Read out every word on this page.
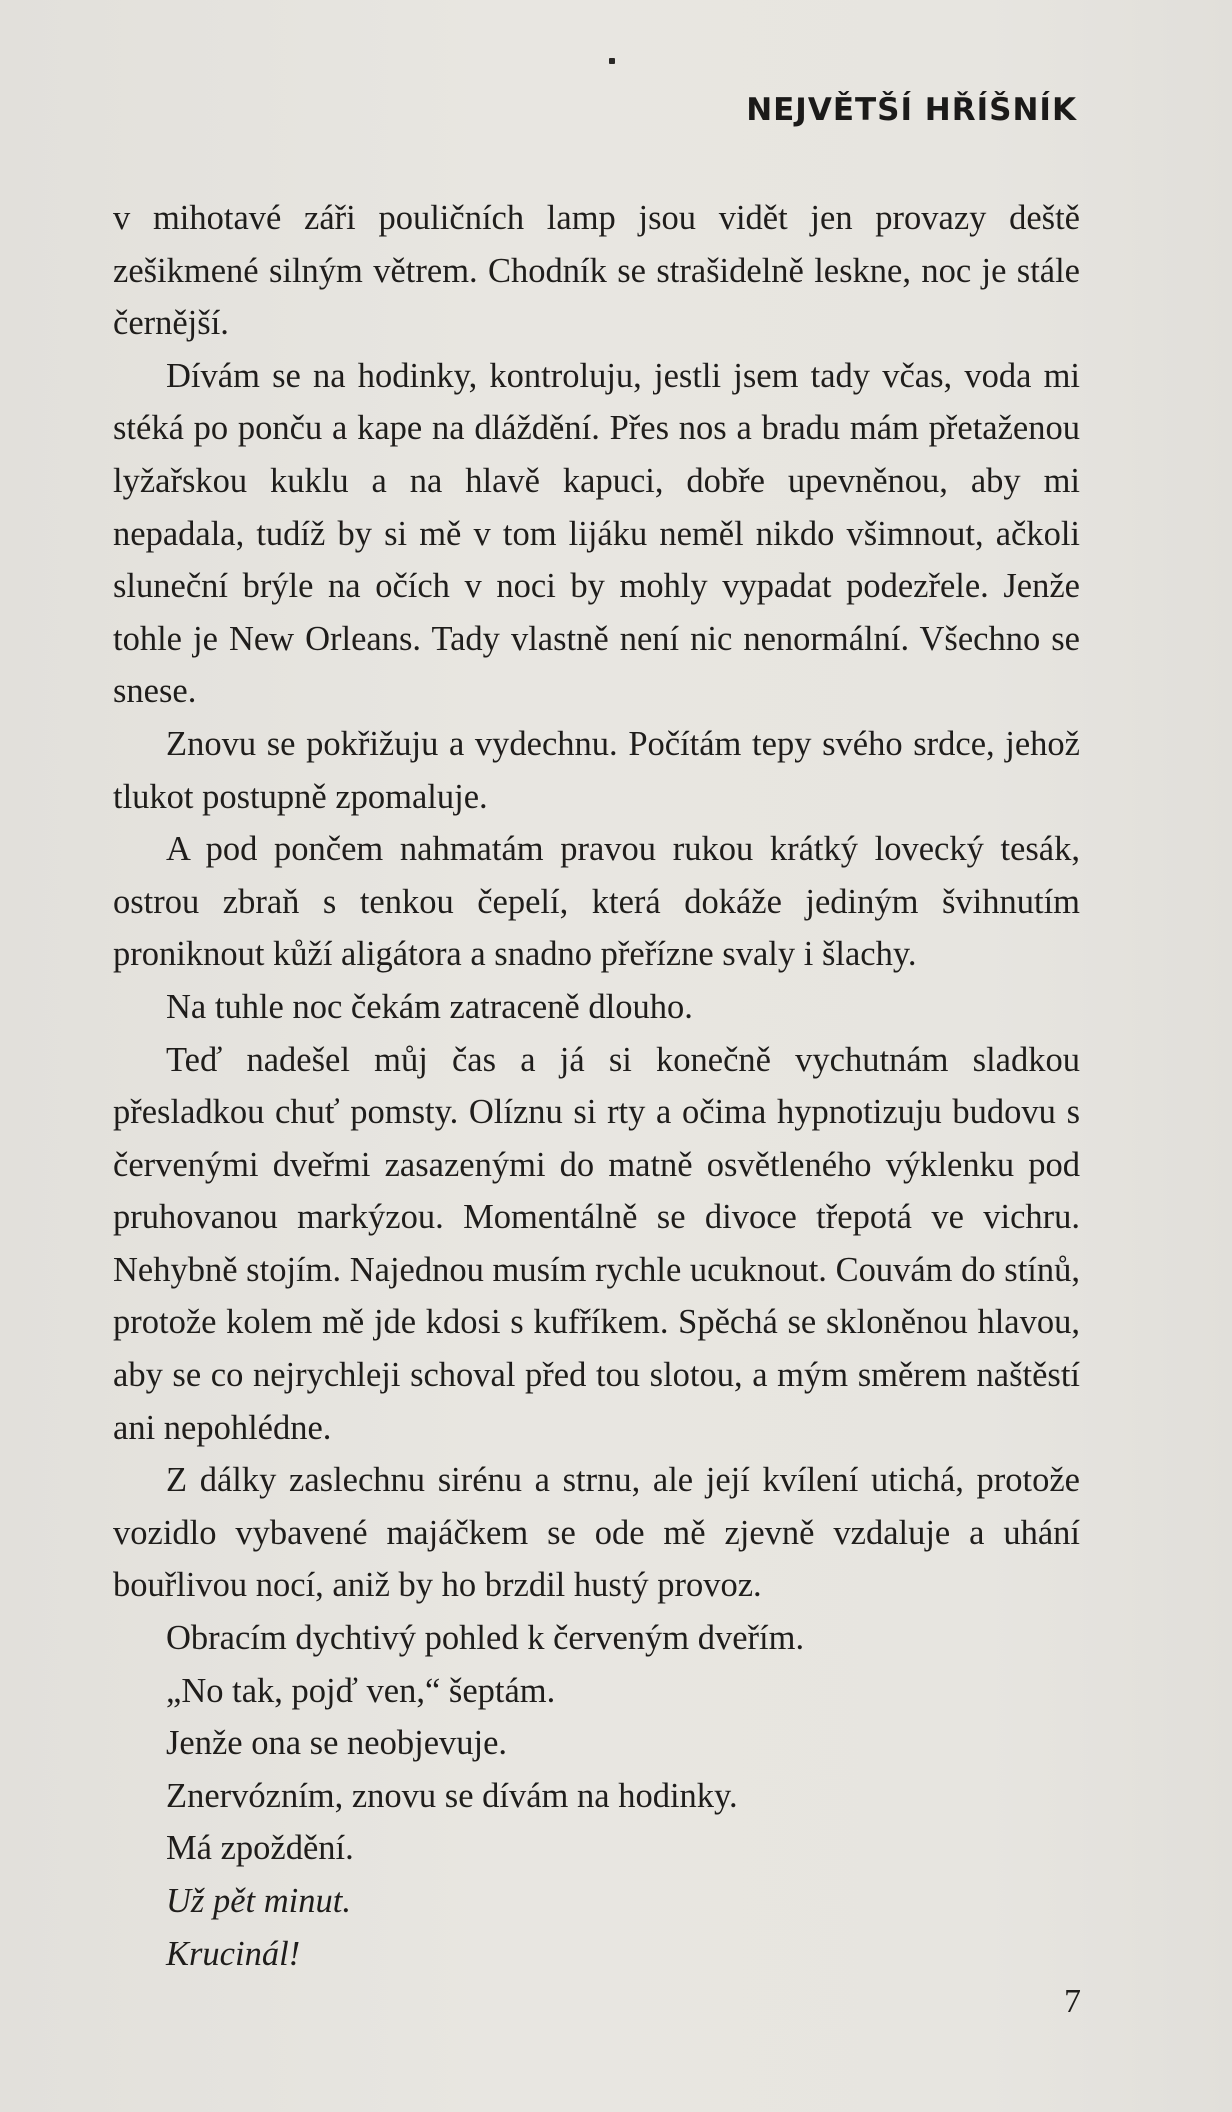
NEJVĚTŠÍ HŘÍŠNÍK

v mihotavé záři pouličních lamp jsou vidět jen provazy deště zešikmené silným větrem. Chodník se strašidelně leskne, noc je stále černější.

Dívám se na hodinky, kontroluju, jestli jsem tady včas, voda mi stéká po ponču a kape na dláždění. Přes nos a bradu mám přetaženou lyžařskou kuklu a na hlavě kapuci, dobře upevněnou, aby mi nepadala, tudíž by si mě v tom lijáku neměl nikdo všimnout, ačkoli sluneční brýle na očích v noci by mohly vypadat podezřele. Jenže tohle je New Orleans. Tady vlastně není nic nenormální. Všechno se snese.

Znovu se pokřižuju a vydechnu. Počítám tepy svého srdce, jehož tlukot postupně zpomaluje.

A pod pončem nahmatám pravou rukou krátký lovecký tesák, ostrou zbraň s tenkou čepelí, která dokáže jediným švihnutím proniknout kůží aligátora a snadno přeřízne svaly i šlachy.

Na tuhle noc čekám zatraceně dlouho.

Teď nadešel můj čas a já si konečně vychutnám sladkou přesladkou chuť pomsty. Olíznu si rty a očima hypnotizuju budovu s červenými dveřmi zasazenými do matně osvětleného výklenku pod pruhovanou markýzou. Momentálně se divoce třepotá ve vichru. Nehybně stojím. Najednou musím rychle ucuknout. Couvám do stínů, protože kolem mě jde kdosi s kufříkem. Spěchá se skloněnou hlavou, aby se co nejrychleji schoval před tou slotou, a mým směrem naštěstí ani nepohlédne.

Z dálky zaslechnu sirénu a strnu, ale její kvílení utichá, protože vozidlo vybavené majáčkem se ode mě zjevně vzdaluje a uhání bouřlivou nocí, aniž by ho brzdil hustý provoz.

Obracím dychtivý pohled k červeným dveřím.

„No tak, pojď ven,“ šeptám.

Jenže ona se neobjevuje.

Znervózním, znovu se dívám na hodinky.

Má zpoždění.

Už pět minut.

Krucinál!

7
